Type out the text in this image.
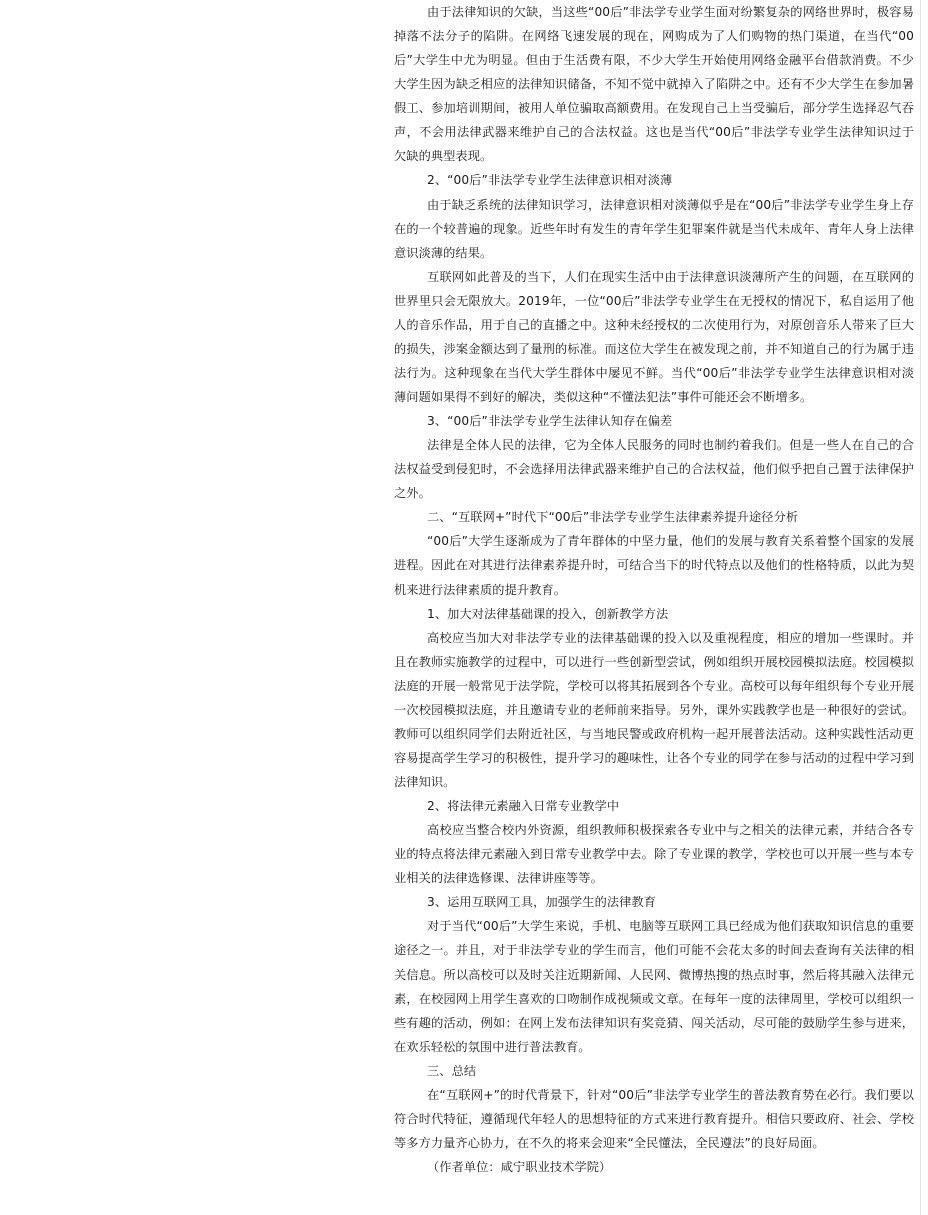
由于法律知识的欠缺，当这些“00后”非法学专业学生面对纷繁复杂的网络世界时，极容易掉落不法分子的陷阱。在网络飞速发展的现在，网购成为了人们购物的热门渠道，在当代“00后”大学生中尤为明显。但由于生活费有限，不少大学生开始使用网络金融平台借款消费。不少大学生因为缺乏相应的法律知识储备，不知不觉中就掉入了陷阱之中。还有不少大学生在参加暑假工、参加培训期间，被用人单位骗取高额费用。在发现自己上当受骗后，部分学生选择忍气吞声，不会用法律武器来维护自己的合法权益。这也是当代“00后”非法学专业学生法律知识过于欠缺的典型表现。

2、“00后”非法学专业学生法律意识相对淡薄

由于缺乏系统的法律知识学习，法律意识相对淡薄似乎是在“00后”非法学专业学生身上存在的一个较普遍的现象。近些年时有发生的青年学生犯罪案件就是当代未成年、青年人身上法律意识淡薄的结果。

互联网如此普及的当下，人们在现实生活中由于法律意识淡薄所产生的问题，在互联网的世界里只会无限放大。2019年，一位“00后”非法学专业学生在无授权的情况下，私自运用了他人的音乐作品，用于自己的直播之中。这种未经授权的二次使用行为，对原创音乐人带来了巨大的损失，涉案金额达到了量刑的标准。而这位大学生在被发现之前，并不知道自己的行为属于违法行为。这种现象在当代大学生群体中屡见不鲜。当代“00后”非法学专业学生法律意识相对淡薄问题如果得不到好的解决，类似这种“不懂法犯法”事件可能还会不断增多。

3、“00后”非法学专业学生法律认知存在偏差

法律是全体人民的法律，它为全体人民服务的同时也制约着我们。但是一些人在自己的合法权益受到侵犯时，不会选择用法律武器来维护自己的合法权益，他们似乎把自己置于法律保护之外。

二、“互联网+”时代下“00后”非法学专业学生法律素养提升途径分析

“00后”大学生逐渐成为了青年群体的中坚力量，他们的发展与教育关系着整个国家的发展进程。因此在对其进行法律素养提升时，可结合当下的时代特点以及他们的性格特质，以此为契机来进行法律素质的提升教育。

1、加大对法律基础课的投入，创新教学方法

高校应当加大对非法学专业的法律基础课的投入以及重视程度，相应的增加一些课时。并且在教师实施教学的过程中，可以进行一些创新型尝试，例如组织开展校园模拟法庭。校园模拟法庭的开展一般常见于法学院，学校可以将其拓展到各个专业。高校可以每年组织每个专业开展一次校园模拟法庭，并且邀请专业的老师前来指导。另外，课外实践教学也是一种很好的尝试。教师可以组织同学们去附近社区，与当地民警或政府机构一起开展普法活动。这种实践性活动更容易提高学生学习的积极性，提升学习的趣味性，让各个专业的同学在参与活动的过程中学习到法律知识。

2、将法律元素融入日常专业教学中

高校应当整合校内外资源，组织教师积极探索各专业中与之相关的法律元素，并结合各专业的特点将法律元素融入到日常专业教学中去。除了专业课的教学，学校也可以开展一些与本专业相关的法律选修课、法律讲座等等。

3、运用互联网工具，加强学生的法律教育

对于当代“00后”大学生来说，手机、电脑等互联网工具已经成为他们获取知识信息的重要途径之一。并且，对于非法学专业的学生而言，他们可能不会花太多的时间去查询有关法律的相关信息。所以高校可以及时关注近期新闻、人民网、微博热搜的热点时事，然后将其融入法律元素，在校园网上用学生喜欢的口吻制作成视频或文章。在每年一度的法律周里，学校可以组织一些有趣的活动，例如：在网上发布法律知识有奖竞猜、闯关活动，尽可能的鼓励学生参与进来，在欢乐轻松的氛围中进行普法教育。

三、总结

在“互联网+”的时代背景下，针对“00后”非法学专业学生的普法教育势在必行。我们要以符合时代特征，遵循现代年轻人的思想特征的方式来进行教育提升。相信只要政府、社会、学校等多方力量齐心协力，在不久的将来会迎来“全民懂法，全民遵法”的良好局面。

（作者单位：咸宁职业技术学院）
